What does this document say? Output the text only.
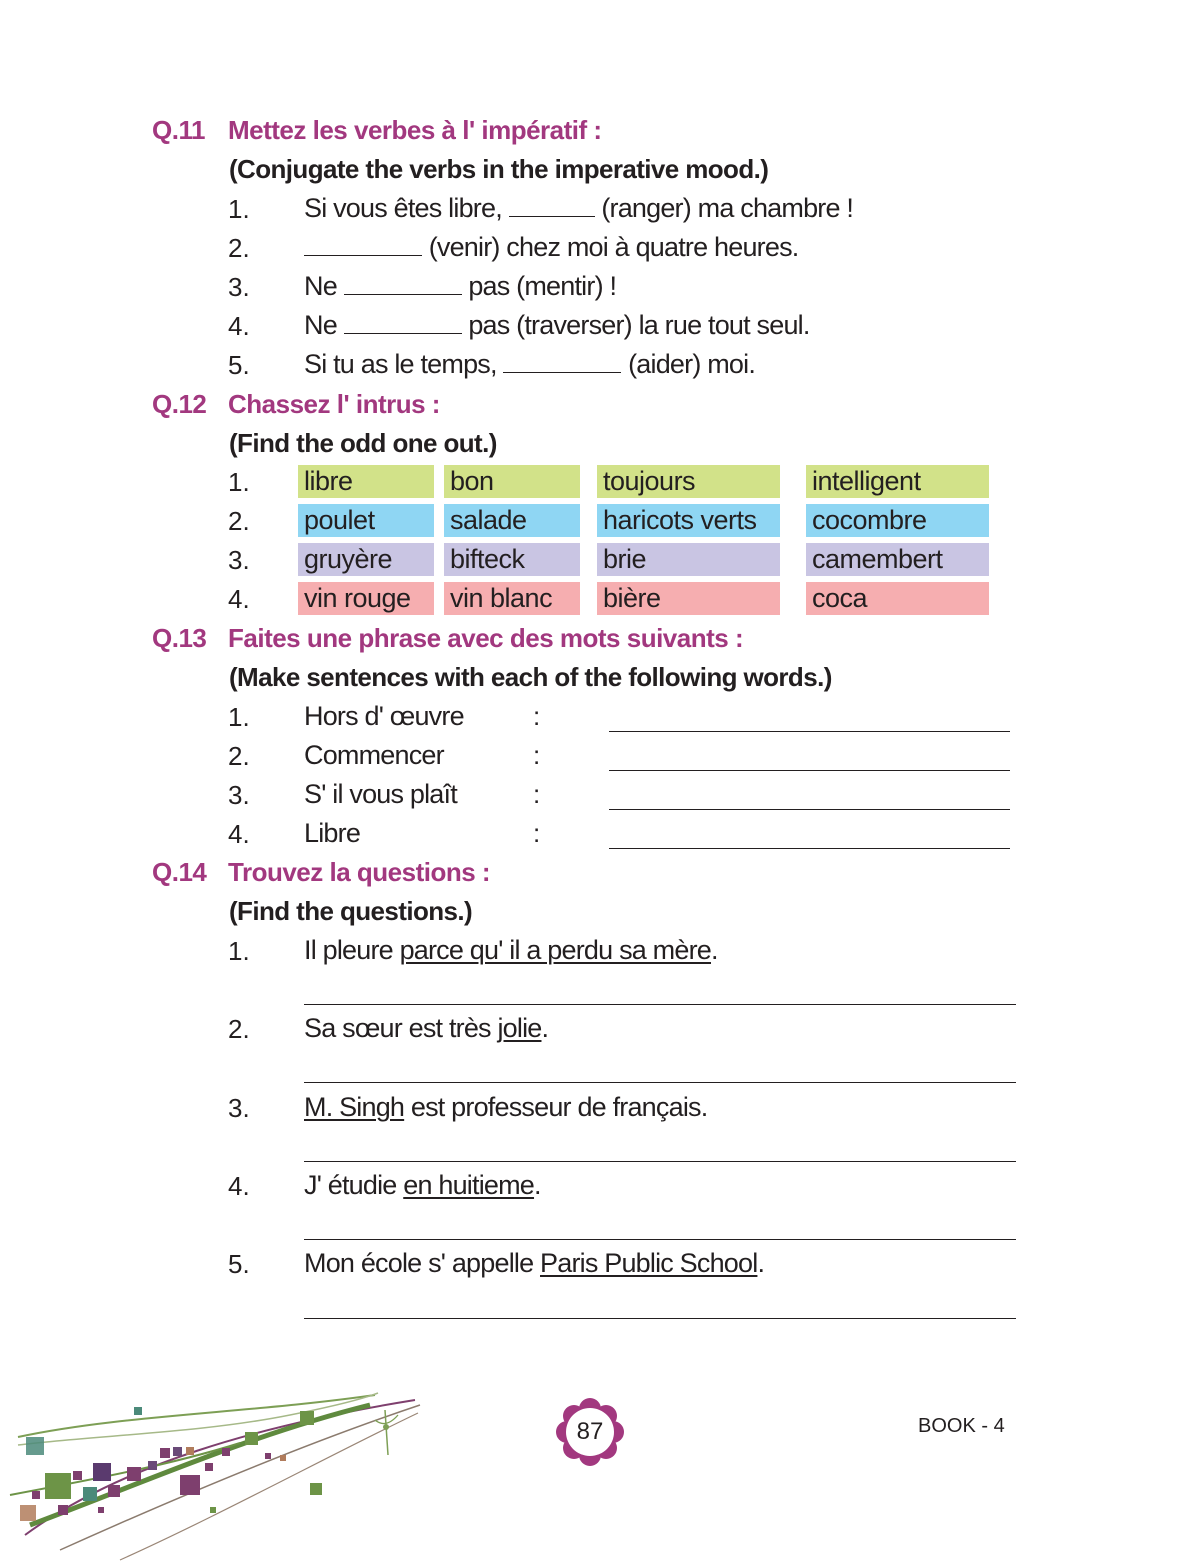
Q.11 Mettez les verbes à l' impératif :
(Conjugate the verbs in the imperative mood.)
1. Si vous êtes libre,	(ranger) ma chambre !
2.	(venir) chez moi à quatre heures.
3. Ne	pas (mentir) !
4. Ne	pas (traverser) la rue tout seul.
5. Si tu as le temps,	(aider) moi.
Q.12 Chassez l' intrus :
(Find the odd one out.)
1. libre	bon	toujours	intelligent
2. poulet	salade	haricots verts	cocombre
3. gruyère	bifteck	brie	camembert
4. vin rouge	vin blanc	bière	coca
Q.13 Faites une phrase avec des mots suivants :
(Make sentences with each of the following words.)
1. Hors d' œuvre	:
2. Commencer	:
3. S' il vous plaît	:
4. Libre	:
Q.14 Trouvez la questions :
(Find the questions.)
1. Il pleure parce qu' il a perdu sa mère.
2. Sa sœur est très jolie.
3. M. Singh est professeur de français.
4. J' étudie en huitieme.
5. Mon école s' appelle Paris Public School.
87	BOOK - 4
